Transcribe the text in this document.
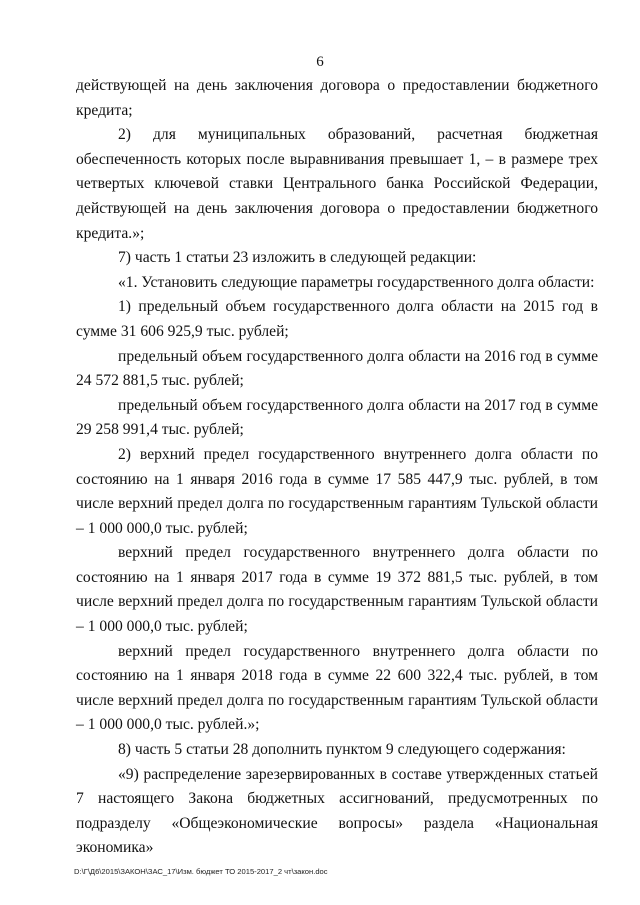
6

действующей на день заключения договора о предоставлении бюджетного кредита;

2) для муниципальных образований, расчетная бюджетная обеспеченность которых после выравнивания превышает 1, – в размере трех четвертых ключевой ставки Центрального банка Российской Федерации, действующей на день заключения договора о предоставлении бюджетного кредита.»;

7) часть 1 статьи 23 изложить в следующей редакции:

«1. Установить следующие параметры государственного долга области:

1) предельный объем государственного долга области на 2015 год в сумме 31 606 925,9 тыс. рублей;

предельный объем государственного долга области на 2016 год в сумме 24 572 881,5 тыс. рублей;

предельный объем государственного долга области на 2017 год в сумме 29 258 991,4 тыс. рублей;

2) верхний предел государственного внутреннего долга области по состоянию на 1 января 2016 года в сумме 17 585 447,9 тыс. рублей, в том числе верхний предел долга по государственным гарантиям Тульской области – 1 000 000,0 тыс. рублей;

верхний предел государственного внутреннего долга области по состоянию на 1 января 2017 года в сумме 19 372 881,5 тыс. рублей, в том числе верхний предел долга по государственным гарантиям Тульской области – 1 000 000,0 тыс. рублей;

верхний предел государственного внутреннего долга области по состоянию на 1 января 2018 года в сумме 22 600 322,4 тыс. рублей, в том числе верхний предел долга по государственным гарантиям Тульской области – 1 000 000,0 тыс. рублей.»;

8) часть 5 статьи 28 дополнить пунктом 9 следующего содержания:

«9) распределение зарезервированных в составе утвержденных статьей 7 настоящего Закона бюджетных ассигнований, предусмотренных по подразделу «Общеэкономические вопросы» раздела «Национальная экономика»

D:\Г\Д6\2015\ЗАКОН\ЗАС_17\Изм. бюджет ТО 2015-2017_2 чт\закон.doc
